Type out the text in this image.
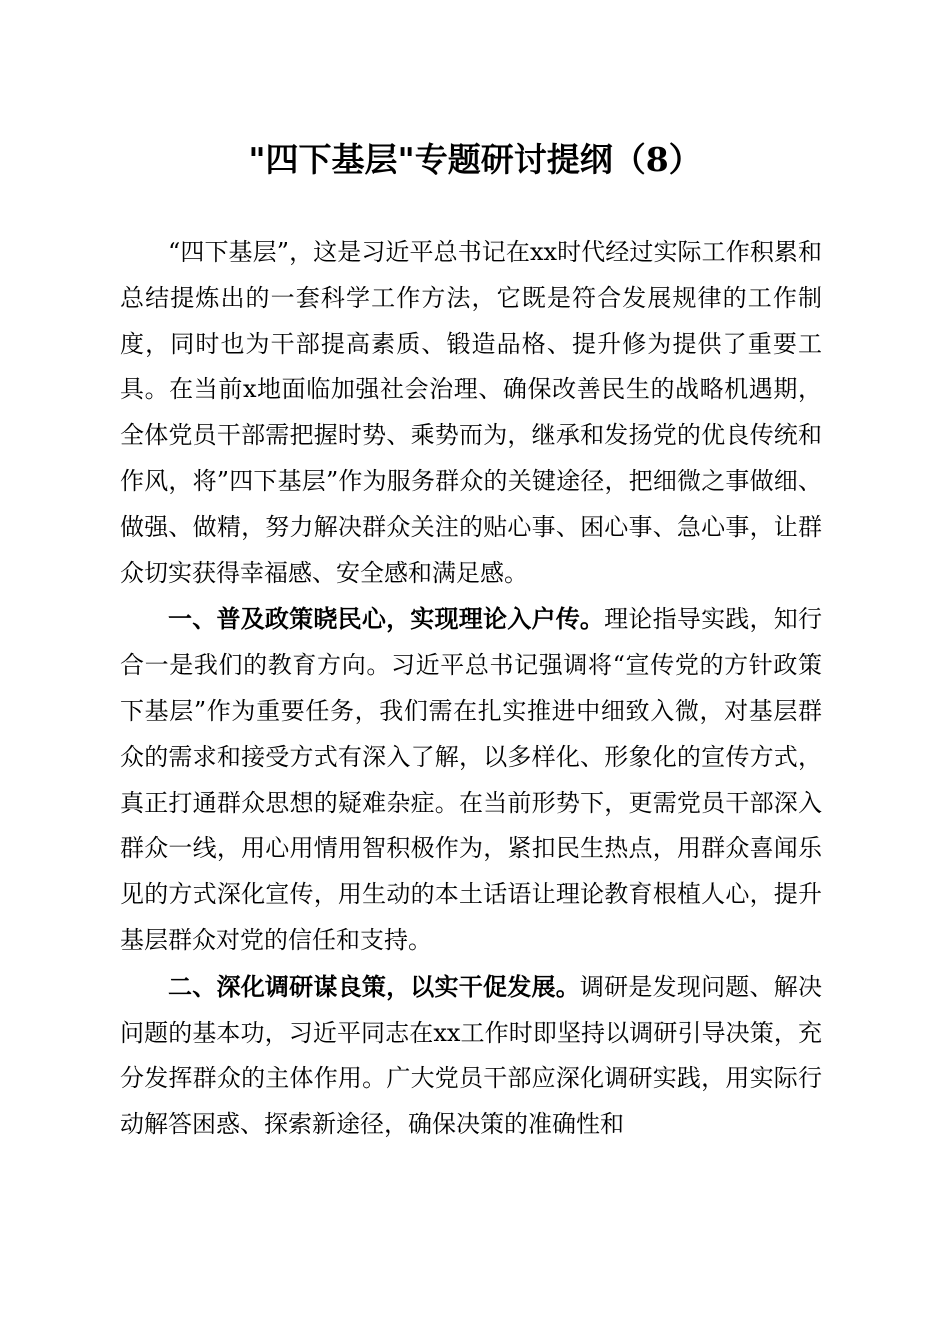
"四下基层"专题研讨提纲（8）

“四下基层”，这是习近平总书记在xx时代经过实际工作积累和总结提炼出的一套科学工作方法，它既是符合发展规律的工作制度，同时也为干部提高素质、锻造品格、提升修为提供了重要工具。在当前x地面临加强社会治理、确保改善民生的战略机遇期，全体党员干部需把握时势、乘势而为，继承和发扬党的优良传统和作风，将”四下基层”作为服务群众的关键途径，把细微之事做细、做强、做精，努力解决群众关注的贴心事、困心事、急心事，让群众切实获得幸福感、安全感和满足感。

一、普及政策晓民心，实现理论入户传。理论指导实践，知行合一是我们的教育方向。习近平总书记强调将“宣传党的方针政策下基层”作为重要任务，我们需在扎实推进中细致入微，对基层群众的需求和接受方式有深入了解，以多样化、形象化的宣传方式，真正打通群众思想的疑难杂症。在当前形势下，更需党员干部深入群众一线，用心用情用智积极作为，紧扣民生热点，用群众喜闻乐见的方式深化宣传，用生动的本土话语让理论教育根植人心，提升基层群众对党的信任和支持。

二、深化调研谋良策，以实干促发展。调研是发现问题、解决问题的基本功，习近平同志在xx工作时即坚持以调研引导决策，充分发挥群众的主体作用。广大党员干部应深化调研实践，用实际行动解答困惑、探索新途径，确保决策的准确性和
